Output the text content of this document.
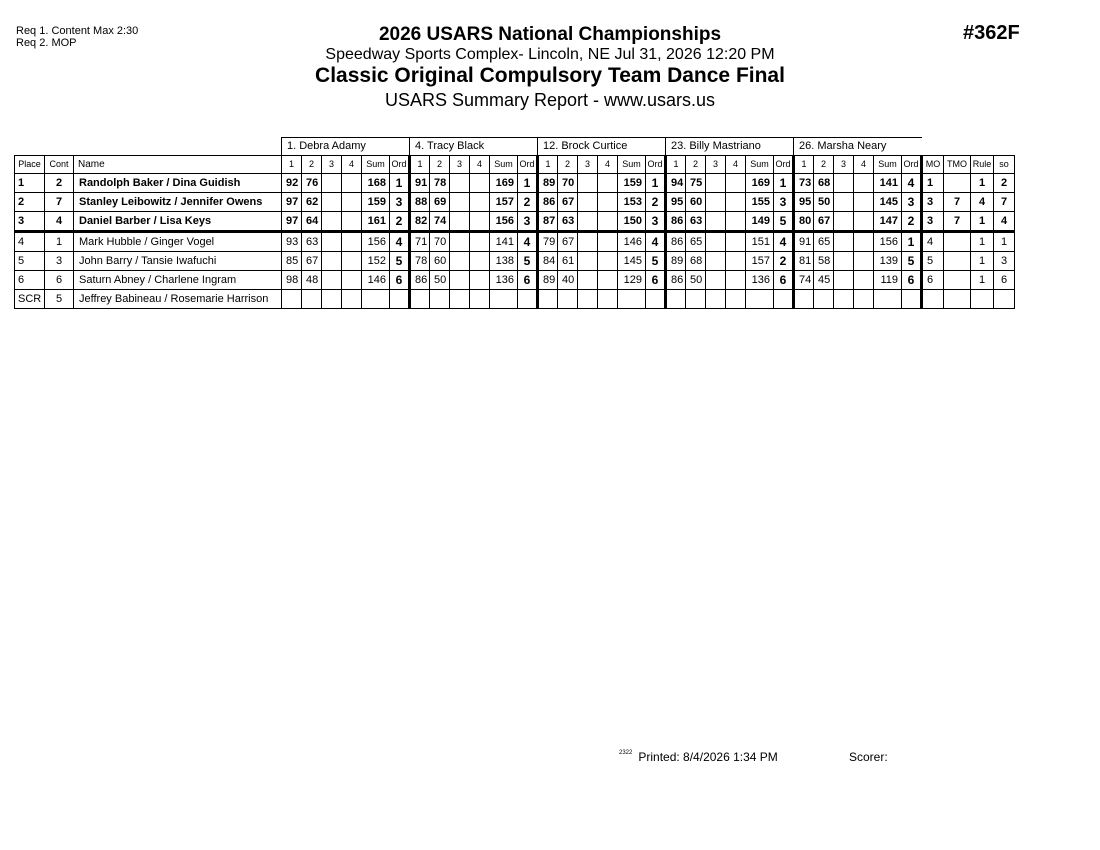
Req 1. Content Max 2:30
Req 2. MOP	2026 USARS National Championships
Speedway Sports Complex- Lincoln, NE Jul 31, 2026 12:20 PM
Classic Original Compulsory Team Dance Final
USARS Summary Report - www.usars.us
#362F
			1. Debra Adamy						4. Tracy Black						12. Brock Curtice						23. Billy Mastriano						26. Marsha Neary									
Place	Cont	Name	1	2	3	4	Sum	Ord	1	2	3	4	Sum	Ord	1	2	3	4	Sum	Ord	1	2	3	4	Sum	Ord	1	2	3	4	Sum	Ord	MO	TMO	Rule	so
1	2	Randolph Baker / Dina Guidish	92	76			168	1	91	78			169	1	89	70			159	1	94	75			169	1	73	68			141	4	1		1	2
2	7	Stanley Leibowitz / Jennifer Owens	97	62			159	3	88	69			157	2	86	67			153	2	95	60			155	3	95	50			145	3	3	7	4	7
3	4	Daniel Barber / Lisa Keys	97	64			161	2	82	74			156	3	87	63			150	3	86	63			149	5	80	67			147	2	3	7	1	4
4	1	Mark Hubble / Ginger Vogel	93	63			156	4	71	70			141	4	79	67			146	4	86	65			151	4	91	65			156	1	4		1	1
5	3	John Barry / Tansie Iwafuchi	85	67			152	5	78	60			138	5	84	61			145	5	89	68			157	2	81	58			139	5	5		1	3
6	6	Saturn Abney / Charlene Ingram	98	48			146	6	86	50			136	6	89	40			129	6	86	50			136	6	74	45			119	6	6		1	6
SCR	5	Jeffrey Babineau / Rosemarie Harrison																																		
$^{2322}$ Printed: 8/4/2026 1:34 PM	Scorer:
